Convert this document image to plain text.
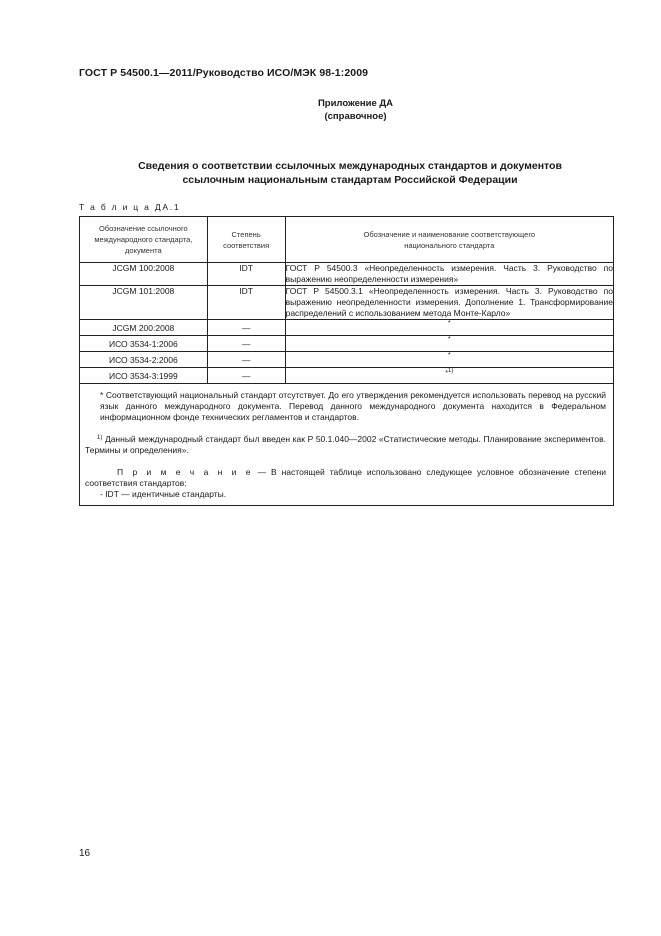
ГОСТ Р 54500.1—2011/Руководство ИСО/МЭК 98-1:2009
Приложение ДА
(справочное)
Сведения о соответствии ссылочных международных стандартов и документов
ссылочным национальным стандартам Российской Федерации
Т а б л и ц а ДА.1
Обозначение ссылочного международного стандарта, документа	Степень соответствия	Обозначение и наименование соответствующего национального стандарта
JCGM 100:2008	IDT	ГОСТ Р 54500.3 «Неопределенность измерения. Часть 3. Руководство по выражению неопределенности измерения»
JCGM 101:2008	IDT	ГОСТ Р 54500.3.1 «Неопределенность измерения. Часть 3. Руководство по выражению неопределенности измерения. Дополнение 1. Трансформирование распределений с использованием метода Монте-Карло»
JCGM 200:2008	—	*
ИСО 3534-1:2006	—	*
ИСО 3534-2:2006	—	*
ИСО 3534-3:1999	—	*$^{1)}$

* Соответствующий национальный стандарт отсутствует. До его утверждения рекомендуется использовать перевод на русский язык данного международного документа. Перевод данного международного документа находится в Федеральном информационном фонде технических регламентов и стандартов.

$^{1)}$ Данный международный стандарт был введен как Р 50.1.040—2002 «Статистические методы. Планирование экспериментов. Термины и определения».

П р и м е ч а н и е — В настоящей таблице использовано следующее условное обозначение степени соответствия стандартов:

- IDT — идентичные стандарты.		

16
